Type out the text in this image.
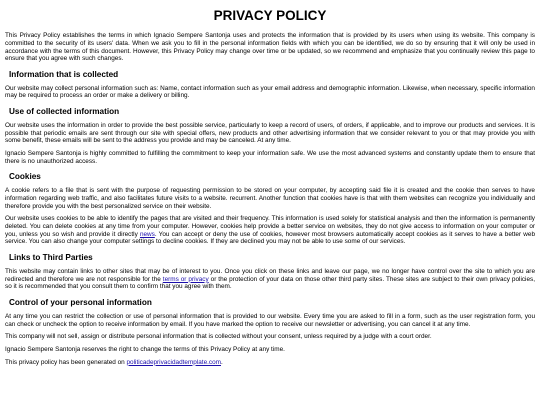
PRIVACY POLICY

This Privacy Policy establishes the terms in which Ignacio Sempere Santonja uses and protects the information that is provided by its users when using its website. This company is committed to the security of its users' data. When we ask you to fill in the personal information fields with which you can be identified, we do so by ensuring that it will only be used in accordance with the terms of this document. However, this Privacy Policy may change over time or be updated, so we recommend and emphasize that you continually review this page to ensure that you agree with such changes.

Information that is collected

Our website may collect personal information such as: Name, contact information such as your email address and demographic information. Likewise, when necessary, specific information may be required to process an order or make a delivery or billing.

Use of collected information

Our website uses the information in order to provide the best possible service, particularly to keep a record of users, of orders, if applicable, and to improve our products and services. It is possible that periodic emails are sent through our site with special offers, new products and other advertising information that we consider relevant to you or that may provide you with some benefit, these emails will be sent to the address you provide and may be canceled. At any time.

Ignacio Sempere Santonja is highly committed to fulfilling the commitment to keep your information safe. We use the most advanced systems and constantly update them to ensure that there is no unauthorized access.

Cookies

A cookie refers to a file that is sent with the purpose of requesting permission to be stored on your computer, by accepting said file it is created and the cookie then serves to have information regarding web traffic, and also facilitates future visits to a website. recurrent. Another function that cookies have is that with them websites can recognize you individually and therefore provide you with the best personalized service on their website.

Our website uses cookies to be able to identify the pages that are visited and their frequency. This information is used solely for statistical analysis and then the information is permanently deleted. You can delete cookies at any time from your computer. However, cookies help provide a better service on websites, they do not give access to information on your computer or you, unless you so wish and provide it directly news. You can accept or deny the use of cookies, however most browsers automatically accept cookies as it serves to have a better web service. You can also change your computer settings to decline cookies. If they are declined you may not be able to use some of our services.

Links to Third Parties

This website may contain links to other sites that may be of interest to you. Once you click on these links and leave our page, we no longer have control over the site to which you are redirected and therefore we are not responsible for the terms or privacy or the protection of your data on those other third party sites. These sites are subject to their own privacy policies, so it is recommended that you consult them to confirm that you agree with them.

Control of your personal information

At any time you can restrict the collection or use of personal information that is provided to our website. Every time you are asked to fill in a form, such as the user registration form, you can check or uncheck the option to receive information by email. If you have marked the option to receive our newsletter or advertising, you can cancel it at any time.

This company will not sell, assign or distribute personal information that is collected without your consent, unless required by a judge with a court order.

Ignacio Sempere Santonja reserves the right to change the terms of this Privacy Policy at any time.

This privacy policy has been generated on politicadeprivacidadtemplate.com.
